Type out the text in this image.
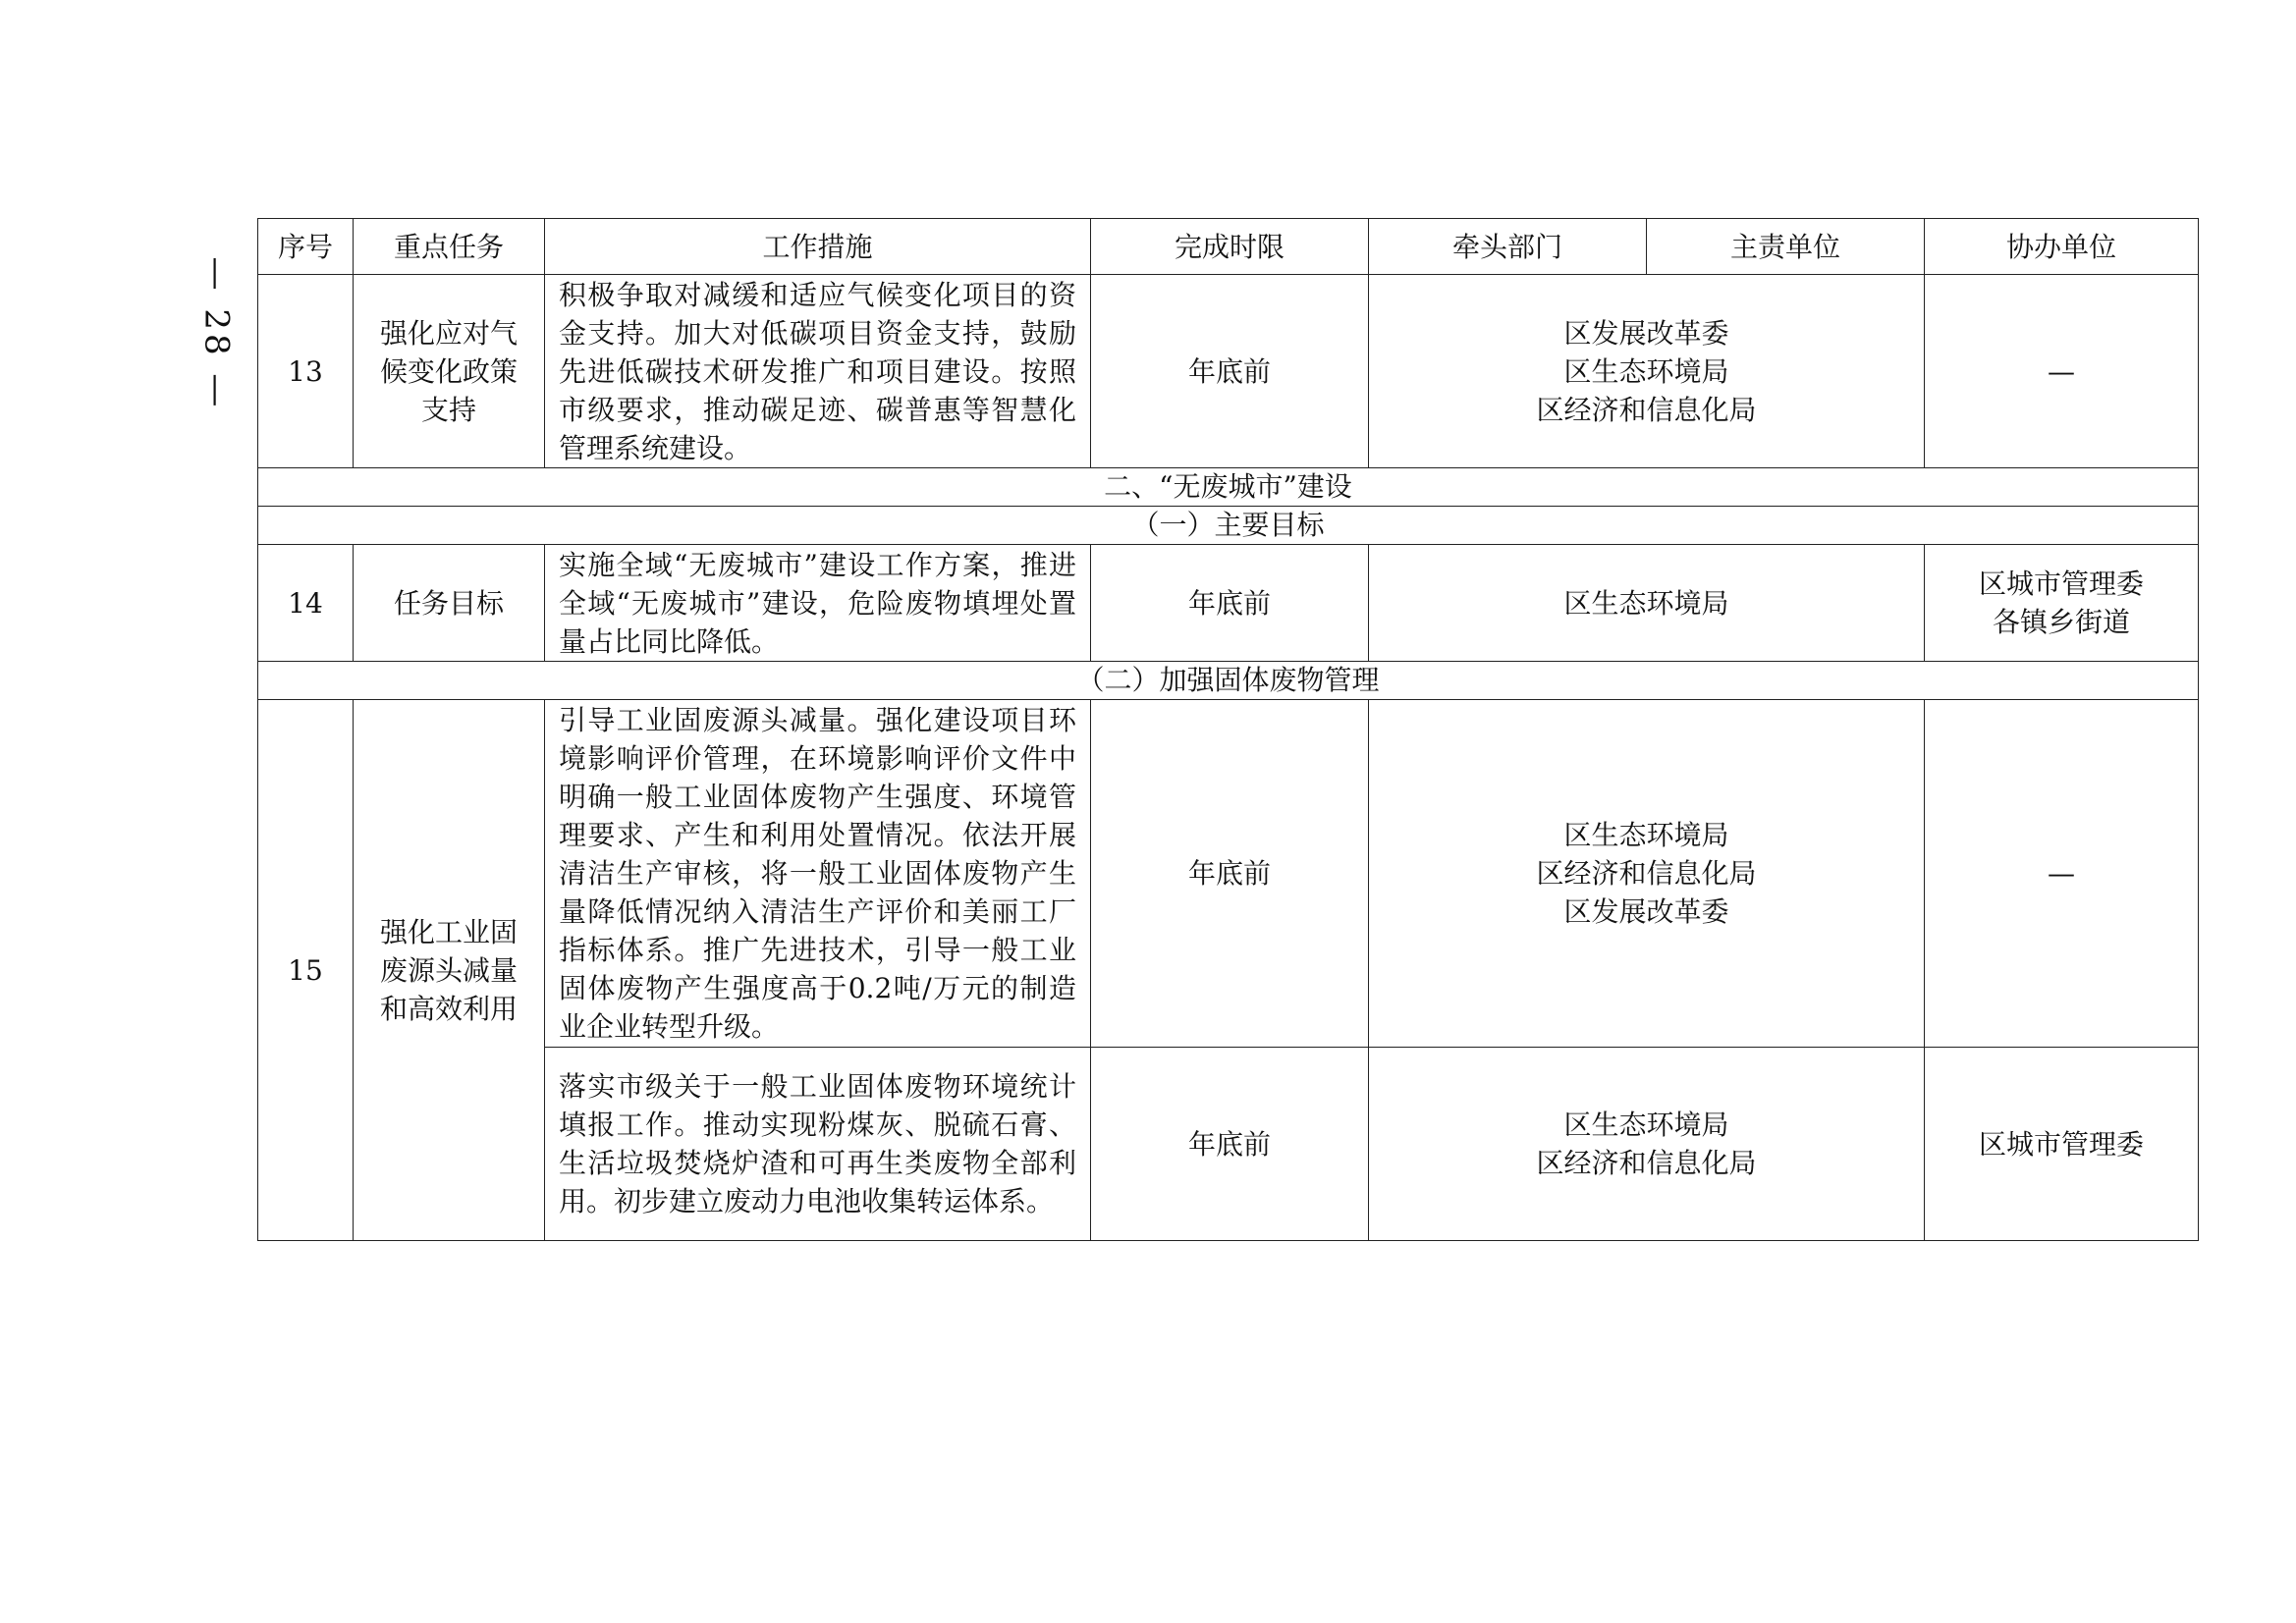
— 28 —
序号	重点任务	工作措施	完成时限	牵头部门	主责单位	协办单位
13	强化应对气
候变化政策
支持	积极争取对减缓和适应气候变化项目的资金支持。加大对低碳项目资金支持，鼓励先进低碳技术研发推广和项目建设。按照市级要求，推动碳足迹、碳普惠等智慧化管理系统建设。	年底前	区发展改革委
区生态环境局
区经济和信息化局		—

二、“无废城市”建设						
（一）主要目标						
14	任务目标	实施全域“无废城市”建设工作方案，推进全域“无废城市”建设，危险废物填埋处置量占比同比降低。	年底前	区生态环境局		区城市管理委
各镇乡街道

（二）加强固体废物管理						
15	强化工业固
废源头减量
和高效利用	引导工业固废源头减量。强化建设项目环境影响评价管理，在环境影响评价文件中明确一般工业固体废物产生强度、环境管理要求、产生和利用处置情况。依法开展清洁生产审核，将一般工业固体废物产生量降低情况纳入清洁生产评价和美丽工厂指标体系。推广先进技术，引导一般工业固体废物产生强度高于0.2吨/万元的制造业企业转型升级。	年底前	区生态环境局
区经济和信息化局
区发展改革委		—

		落实市级关于一般工业固体废物环境统计填报工作。推动实现粉煤灰、脱硫石膏、生活垃圾焚烧炉渣和可再生类废物全部利用。初步建立废动力电池收集转运体系。	年底前	区生态环境局
区经济和信息化局		区城市管理委
